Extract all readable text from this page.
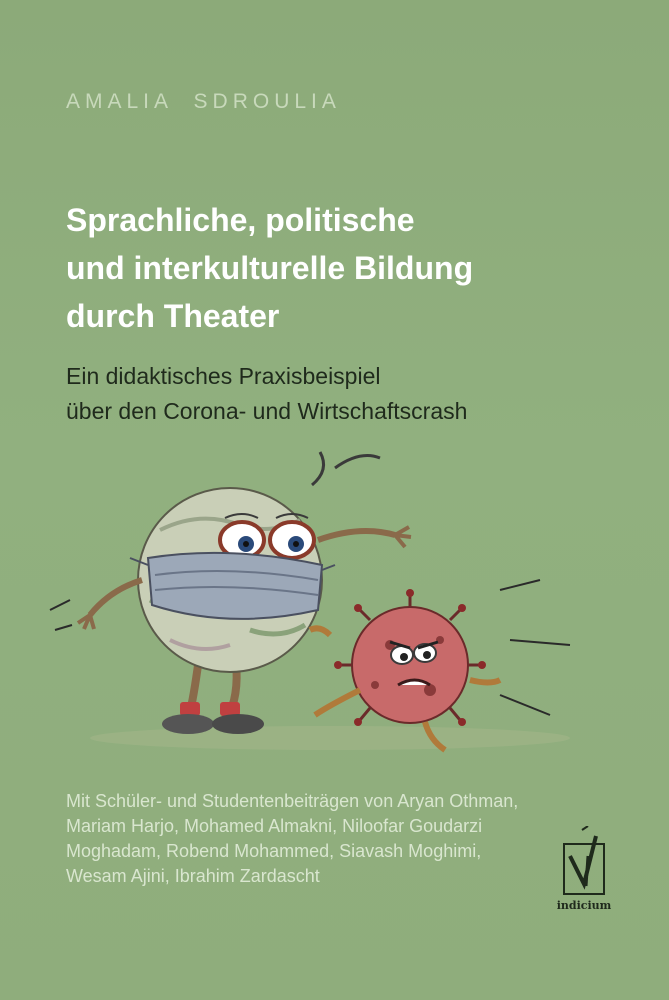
AMALIA  SDROULIA
Sprachliche, politische
und interkulturelle Bildung
durch Theater
Ein didaktisches Praxisbeispiel
über den Corona- und Wirtschaftscrash
Mit Schüler- und Studentenbeiträgen von Aryan Othman,
Mariam Harjo, Mohamed Almakni, Niloofar Goudarzi
Moghadam, Robend Mohammed, Siavash Moghimi,
Wesam Ajini, Ibrahim Zardascht
indicium
